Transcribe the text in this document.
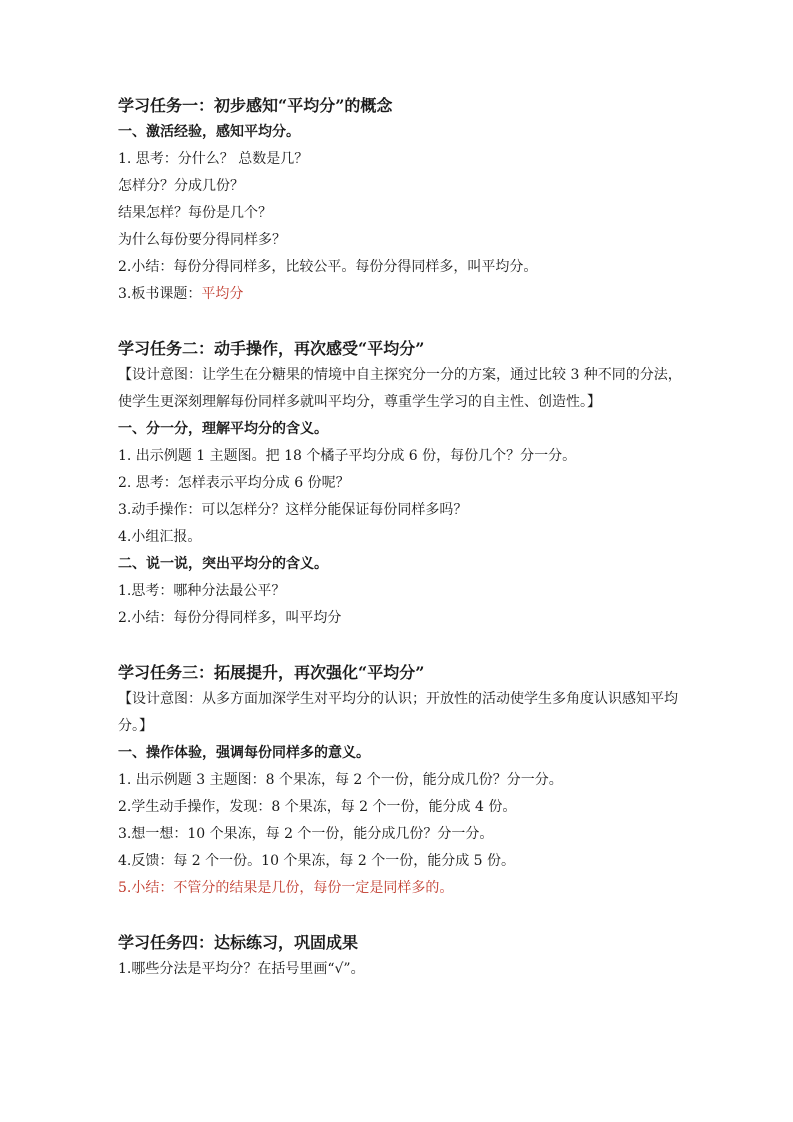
学习任务一：初步感知“平均分”的概念
一、激活经验，感知平均分。
1. 思考：分什么？ 总数是几？
怎样分？分成几份？
结果怎样？每份是几个？
为什么每份要分得同样多？
2.小结：每份分得同样多，比较公平。每份分得同样多，叫平均分。
3.板书课题：平均分
学习任务二：动手操作，再次感受“平均分”
【设计意图：让学生在分糖果的情境中自主探究分一分的方案，通过比较 3 种不同的分法，
使学生更深刻理解每份同样多就叫平均分，尊重学生学习的自主性、创造性。】
一、分一分，理解平均分的含义。
1. 出示例题 1 主题图。把 18 个橘子平均分成 6 份，每份几个？分一分。
2. 思考：怎样表示平均分成 6 份呢？
3.动手操作：可以怎样分？这样分能保证每份同样多吗？
4.小组汇报。
二、说一说，突出平均分的含义。
1.思考：哪种分法最公平？
2.小结：每份分得同样多，叫平均分
学习任务三：拓展提升，再次强化“平均分”
【设计意图：从多方面加深学生对平均分的认识；开放性的活动使学生多角度认识感知平均
分。】
一、操作体验，强调每份同样多的意义。
1. 出示例题 3 主题图：8 个果冻，每 2 个一份，能分成几份？分一分。
2.学生动手操作，发现：8 个果冻，每 2 个一份，能分成 4 份。
3.想一想：10 个果冻，每 2 个一份，能分成几份？分一分。
4.反馈：每 2 个一份。10 个果冻，每 2 个一份，能分成 5 份。
5.小结：不管分的结果是几份，每份一定是同样多的。
学习任务四：达标练习，巩固成果
1.哪些分法是平均分？在括号里画“√”。
